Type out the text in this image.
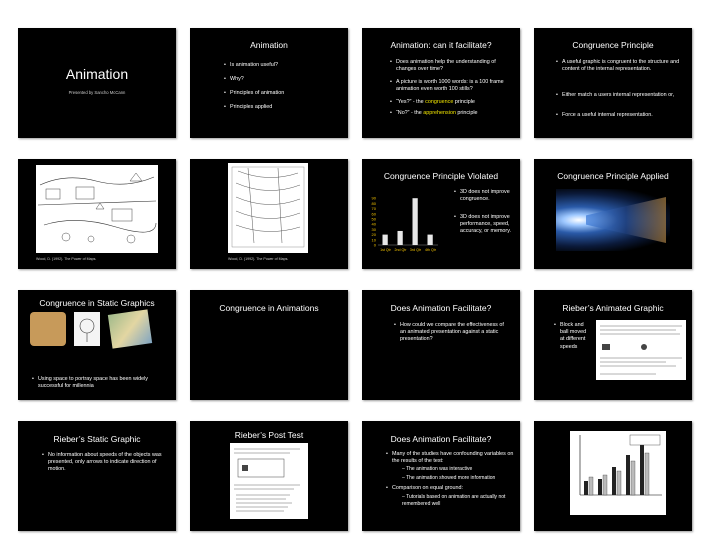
Animation
Presented by Sancho McCann
Animation
• Is animation useful?
• Why?
• Principles of animation
• Principles applied
Animation: can it facilitate?
• Does animation help the understanding of changes over time?
• A picture is worth 1000 words: is a 100 frame animation even worth 100 stills?
• “Yes?” - the congruence principle
• “No?” - the apprehension principle
Congruence Principle
• A useful graphic is congruent to the structure and content of the internal representation.
• Either match a users internal representation or,
• Force a useful internal representation.
Wood, D. (1992). The Power of Maps.	Wood, D. (1992). The Power of Maps.
Congruence Principle Violated
90
80
70
60
50
40
30
20
10
0
1st Qtr 2nd Qtr 3rd Qtr 4th Qtr
• 3D does not improve congruence.
• 3D does not improve performance, speed, accuracy, or memory.
Congruence Principle Applied
Congruence in Static Graphics
• Using space to portray space has been widely successful for millennia
Congruence in Animations	Does Animation Facilitate?
• How could we compare the effectiveness of an animated presentation against a static presentation?
Rieber’s Animated Graphic
• Block and ball moved at different speeds
Rieber’s Static Graphic
• No information about speeds of the objects was presented, only arrows to indicate direction of motion.
Rieber’s Post Test	Does Animation Facilitate?
• Many of the studies have confounding variables on the results of the test:
– The animation was interactive
– The animation showed more information
• Comparison on equal ground:
– Tutorials based on animation are actually not remembered well
